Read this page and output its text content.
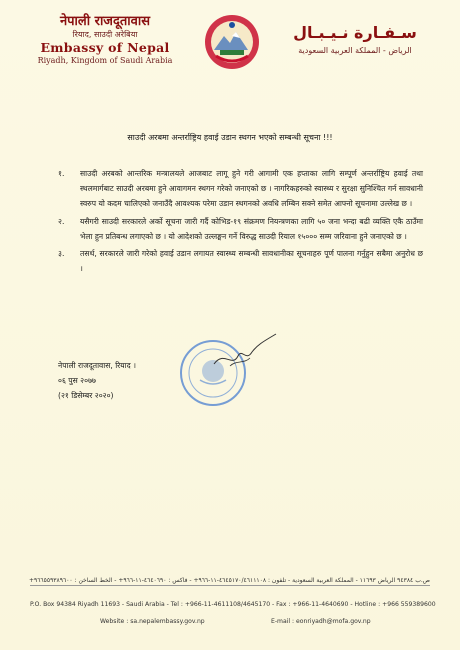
नेपाली राजदूतावास
रियाद, साउदी अरेबिया
Embassy of Nepal
Riyadh, Kingdom of Saudi Arabia
سـفـارة نـيـبـال
الرياض - المملكة العربية السعودية
साउदी अरबमा अन्तर्राष्ट्रिय हवाई उडान स्थगन भएको सम्बन्धी सूचना !!!
१. साउदी अरबको आन्तरिक मन्त्रालयले आजबाट लागू हुने गरी आगामी एक हप्ताका लागि सम्पूर्ण अन्तर्राष्ट्रिय हवाई तथा स्थलमार्गबाट साउदी अरबमा हुने आवागमन स्थगन गरेको जनाएको छ । नागरिकहरुको स्वास्थ्य र सुरक्षा सुनिश्चित गर्न सावधानी स्वरुप यो कदम चालिएको जनाउँदै आवश्यक परेमा उडान स्थगनको अवधि लम्बिन सक्ने समेत आफ्नो सूचनामा उल्लेख छ ।
२. यसैगरी साउदी सरकारले अर्को सूचना जारी गर्दै कोभिड-१९ संक्रमण नियन्त्रणका लागि ५० जना भन्दा बढी व्यक्ति एकै ठाउँमा भेला हुन प्रतिबन्ध लगाएको छ । यो आदेशको उल्लङ्घन गर्ने विरुद्ध साउदी रियाल १५००० सम्म जरिवाना हुने जनाएको छ ।
३. तसर्थ, सरकारले जारी गरेको हवाई उडान लगायत स्वास्थ्य सम्बन्धी सावधानीका सूचनाहरु पूर्ण पालना गर्नुहुन सबैमा अनुरोध छ ।
नेपाली राजदूतावास, रियाद ।
०६ पुस २०७७
(२१ डिसेम्बर २०२०)
ص.ب ٩٤٣٨٤ الرياض ١١٦٩٣ - المملكة العربية السعودية - تلفون : ٤٦٤٥١٧٠/٤٦١١١٠٨-١١-٩٦٦+ - فاكس : ٤٦٤٠٦٩٠-١١-٩٦٦+ - الخط الساخن : ٩٦٦٥٥٩٣٨٩٦٠٠+
P.O. Box 94384 Riyadh 11693 - Saudi Arabia - Tel : +966-11-4611108/4645170 - Fax : +966-11-4640690 - Hotline : +966 559389600
Website : sa.nepalembassy.gov.np	E-mail : eonriyadh@mofa.gov.np
